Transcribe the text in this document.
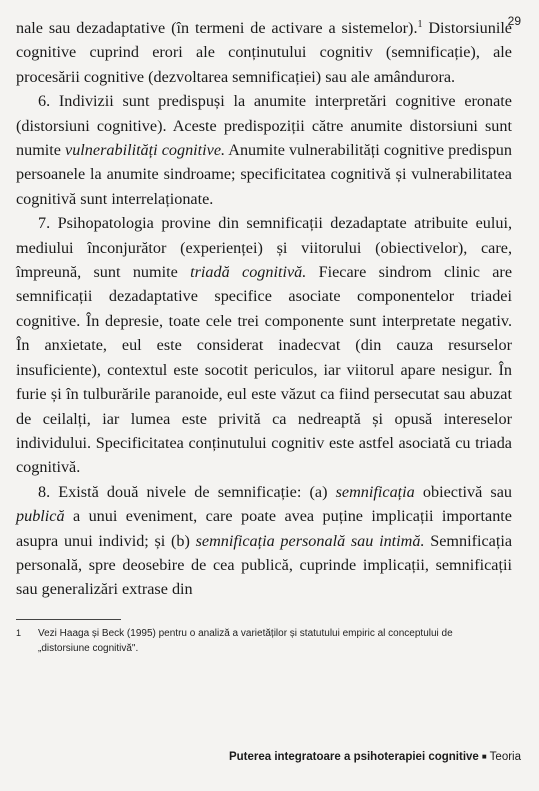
29

nale sau dezadaptative (în termeni de activare a sistemelor).$^1$ Distorsiunile cognitive cuprind erori ale conținutului cognitiv (semnificație), ale procesării cognitive (dezvoltarea semnificației) sau ale amândurora.

6. Indivizii sunt predispuși la anumite interpretări cognitive eronate (distorsiuni cognitive). Aceste predispoziții către anumite distorsiuni sunt numite vulnerabilități cognitive. Anumite vulnerabilități cognitive predispun persoanele la anumite sindroame; specificitatea cognitivă și vulnerabilitatea cognitivă sunt interrelaționate.

7. Psihopatologia provine din semnificații dezadaptate atribuite eului, mediului înconjurător (experienței) și viitorului (obiectivelor), care, împreună, sunt numite triadă cognitivă. Fiecare sindrom clinic are semnificații dezadaptative specifice asociate componentelor triadei cognitive. În depresie, toate cele trei componente sunt interpretate negativ. În anxietate, eul este considerat inadecvat (din cauza resurselor insuficiente), contextul este socotit periculos, iar viitorul apare nesigur. În furie și în tulburările paranoide, eul este văzut ca fiind persecutat sau abuzat de ceilalți, iar lumea este privită ca nedreaptă și opusă intereselor individului. Specificitatea conținutului cognitiv este astfel asociată cu triada cognitivă.

8. Există două nivele de semnificație: (a) semnificația obiectivă sau publică a unui eveniment, care poate avea puține implicații importante asupra unui individ; și (b) semnificația personală sau intimă. Semnificația personală, spre deosebire de cea publică, cuprinde implicații, semnificații sau generalizări extrase din

1 Vezi Haaga și Beck (1995) pentru o analiză a varietăților și statutului empiric al conceptului de „distorsiune cognitivă".
Puterea integratoare a psihoterapiei cognitive ■ Teoria
